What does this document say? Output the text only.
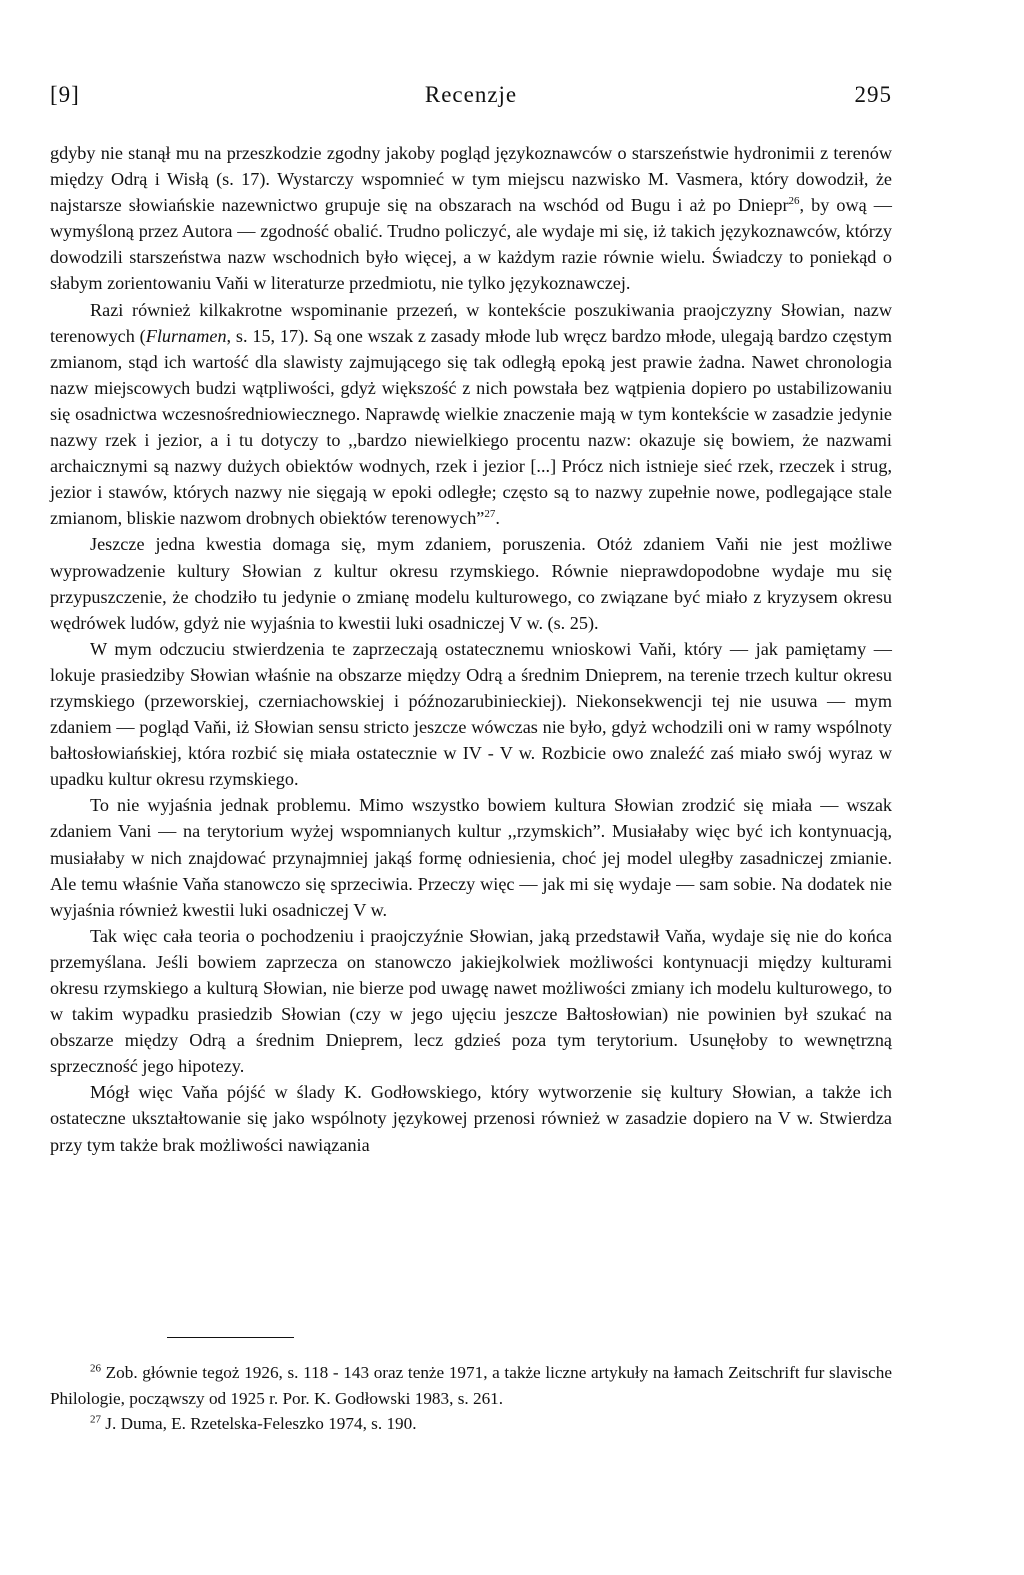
[9]	Recenzje	295

gdyby nie stanął mu na przeszkodzie zgodny jakoby pogląd językoznawców o starszeństwie hydronimii z terenów między Odrą i Wisłą (s. 17). Wystarczy wspomnieć w tym miejscu nazwisko M. Vasmera, który dowodził, że najstarsze słowiańskie nazewnictwo grupuje się na obszarach na wschód od Bugu i aż po Dniepr$^{26}$, by ową — wymyśloną przez Autora — zgodność obalić. Trudno policzyć, ale wydaje mi się, iż takich językoznawców, którzy dowodzili starszeństwa nazw wschodnich było więcej, a w każdym razie równie wielu. Świadczy to poniekąd o słabym zorientowaniu Vaňi w literaturze przedmiotu, nie tylko językoznawczej.

Razi również kilkakrotne wspominanie przezeń, w kontekście poszukiwania praojczyzny Słowian, nazw terenowych (Flurnamen, s. 15, 17). Są one wszak z zasady młode lub wręcz bardzo młode, ulegają bardzo częstym zmianom, stąd ich wartość dla slawisty zajmującego się tak odległą epoką jest prawie żadna. Nawet chronologia nazw miejscowych budzi wątpliwości, gdyż większość z nich powstała bez wątpienia dopiero po ustabilizowaniu się osadnictwa wczesnośredniowiecznego. Naprawdę wielkie znaczenie mają w tym kontekście w zasadzie jedynie nazwy rzek i jezior, a i tu dotyczy to ,,bardzo niewielkiego procentu nazw: okazuje się bowiem, że nazwami archaicznymi są nazwy dużych obiektów wodnych, rzek i jezior [...] Prócz nich istnieje sieć rzek, rzeczek i strug, jezior i stawów, których nazwy nie sięgają w epoki odległe; często są to nazwy zupełnie nowe, podlegające stale zmianom, bliskie nazwom drobnych obiektów terenowych”$^{27}$.

Jeszcze jedna kwestia domaga się, mym zdaniem, poruszenia. Otóż zdaniem Vaňi nie jest możliwe wyprowadzenie kultury Słowian z kultur okresu rzymskiego. Równie nieprawdopodobne wydaje mu się przypuszczenie, że chodziło tu jedynie o zmianę modelu kulturowego, co związane być miało z kryzysem okresu wędrówek ludów, gdyż nie wyjaśnia to kwestii luki osadniczej V w. (s. 25).

W mym odczuciu stwierdzenia te zaprzeczają ostatecznemu wnioskowi Vaňi, który — jak pamiętamy — lokuje prasiedziby Słowian właśnie na obszarze między Odrą a średnim Dnieprem, na terenie trzech kultur okresu rzymskiego (przeworskiej, czerniachowskiej i późnozarubinieckiej). Niekonsekwencji tej nie usuwa — mym zdaniem — pogląd Vaňi, iż Słowian sensu stricto jeszcze wówczas nie było, gdyż wchodzili oni w ramy wspólnoty bałtosłowiańskiej, która rozbić się miała ostatecznie w IV - V w. Rozbicie owo znaleźć zaś miało swój wyraz w upadku kultur okresu rzymskiego.

To nie wyjaśnia jednak problemu. Mimo wszystko bowiem kultura Słowian zrodzić się miała — wszak zdaniem Vani — na terytorium wyżej wspomnianych kultur ,,rzymskich”. Musiałaby więc być ich kontynuacją, musiałaby w nich znajdować przynajmniej jakąś formę odniesienia, choć jej model uległby zasadniczej zmianie. Ale temu właśnie Vaňa stanowczo się sprzeciwia. Przeczy więc — jak mi się wydaje — sam sobie. Na dodatek nie wyjaśnia również kwestii luki osadniczej V w.

Tak więc cała teoria o pochodzeniu i praojczyźnie Słowian, jaką przedstawił Vaňa, wydaje się nie do końca przemyślana. Jeśli bowiem zaprzecza on stanowczo jakiejkolwiek możliwości kontynuacji między kulturami okresu rzymskiego a kulturą Słowian, nie bierze pod uwagę nawet możliwości zmiany ich modelu kulturowego, to w takim wypadku prasiedzib Słowian (czy w jego ujęciu jeszcze Bałtosłowian) nie powinien był szukać na obszarze między Odrą a średnim Dnieprem, lecz gdzieś poza tym terytorium. Usunęłoby to wewnętrzną sprzeczność jego hipotezy.

Mógł więc Vaňa pójść w ślady K. Godłowskiego, który wytworzenie się kultury Słowian, a także ich ostateczne ukształtowanie się jako wspólnoty językowej przenosi również w zasadzie dopiero na V w. Stwierdza przy tym także brak możliwości nawiązania

$^{26}$ Zob. głównie tegoż 1926, s. 118 - 143 oraz tenże 1971, a także liczne artykuły na łamach Zeitschrift fur slavische Philologie, począwszy od 1925 r. Por. K. Godłowski 1983, s. 261.

$^{27}$ J. Duma, E. Rzetelska-Feleszko 1974, s. 190.
